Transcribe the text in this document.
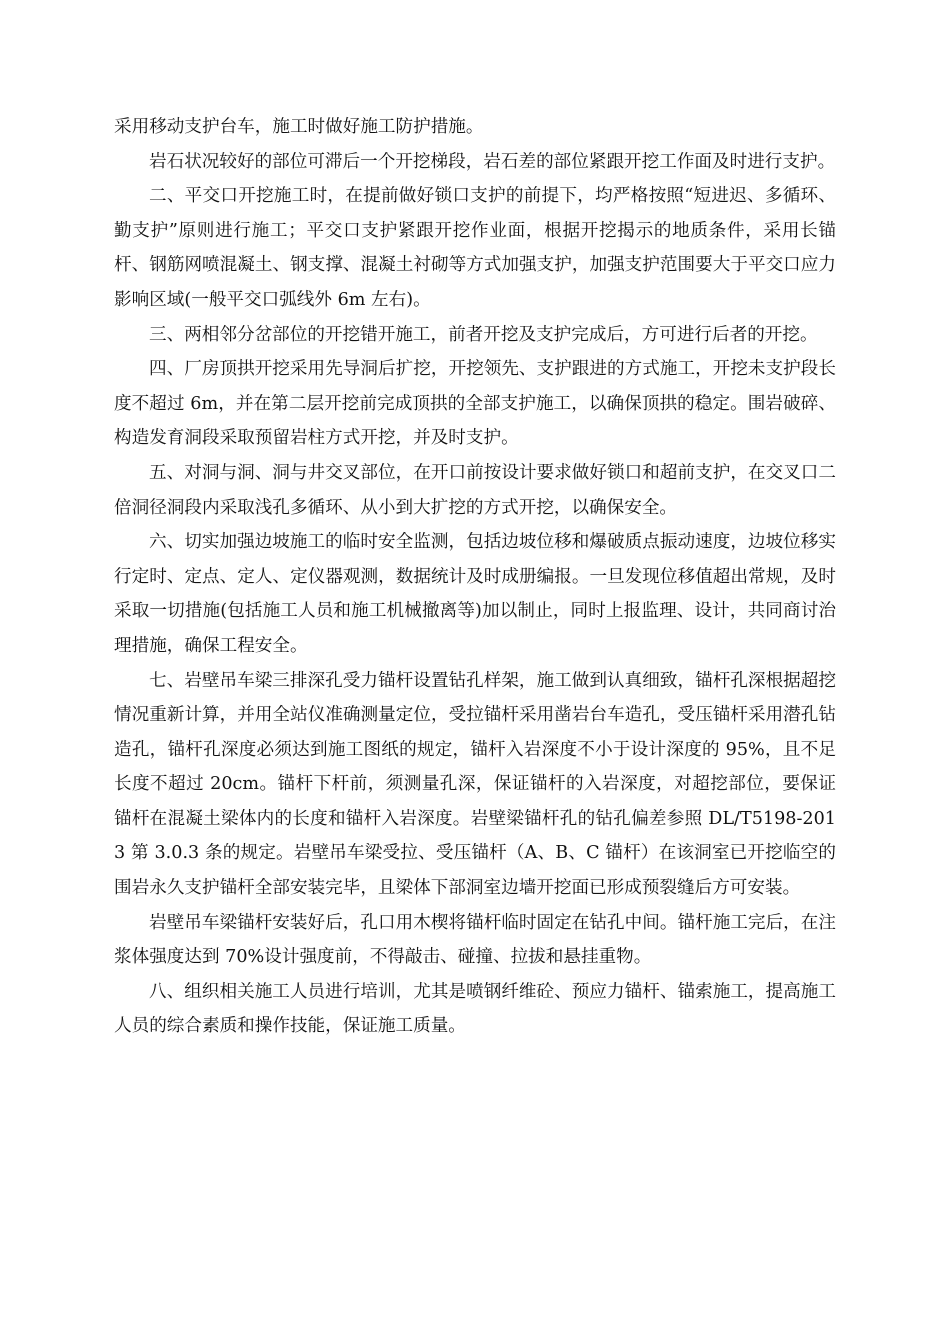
采用移动支护台车，施工时做好施工防护措施。

岩石状况较好的部位可滞后一个开挖梯段，岩石差的部位紧跟开挖工作面及时进行支护。

二、平交口开挖施工时，在提前做好锁口支护的前提下，均严格按照“短进迟、多循环、勤支护”原则进行施工；平交口支护紧跟开挖作业面，根据开挖揭示的地质条件，采用长锚杆、钢筋网喷混凝土、钢支撑、混凝土衬砌等方式加强支护，加强支护范围要大于平交口应力影响区域(一般平交口弧线外 6m 左右)。

三、两相邻分岔部位的开挖错开施工，前者开挖及支护完成后，方可进行后者的开挖。

四、厂房顶拱开挖采用先导洞后扩挖，开挖领先、支护跟进的方式施工，开挖未支护段长度不超过 6m，并在第二层开挖前完成顶拱的全部支护施工，以确保顶拱的稳定。围岩破碎、构造发育洞段采取预留岩柱方式开挖，并及时支护。

五、对洞与洞、洞与井交叉部位，在开口前按设计要求做好锁口和超前支护，在交叉口二倍洞径洞段内采取浅孔多循环、从小到大扩挖的方式开挖，以确保安全。

六、切实加强边坡施工的临时安全监测，包括边坡位移和爆破质点振动速度，边坡位移实行定时、定点、定人、定仪器观测，数据统计及时成册编报。一旦发现位移值超出常规，及时采取一切措施(包括施工人员和施工机械撤离等)加以制止，同时上报监理、设计，共同商讨治理措施，确保工程安全。

七、岩壁吊车梁三排深孔受力锚杆设置钻孔样架，施工做到认真细致，锚杆孔深根据超挖情况重新计算，并用全站仪准确测量定位，受拉锚杆采用凿岩台车造孔，受压锚杆采用潜孔钻造孔，锚杆孔深度必须达到施工图纸的规定，锚杆入岩深度不小于设计深度的 95%，且不足长度不超过 20cm。锚杆下杆前，须测量孔深，保证锚杆的入岩深度，对超挖部位，要保证锚杆在混凝土梁体内的长度和锚杆入岩深度。岩壁梁锚杆孔的钻孔偏差参照 DL/T5198-2013 第 3.0.3 条的规定。岩壁吊车梁受拉、受压锚杆（A、B、C 锚杆）在该洞室已开挖临空的围岩永久支护锚杆全部安装完毕，且梁体下部洞室边墙开挖面已形成预裂缝后方可安装。

岩壁吊车梁锚杆安装好后，孔口用木楔将锚杆临时固定在钻孔中间。锚杆施工完后，在注浆体强度达到 70%设计强度前，不得敲击、碰撞、拉拔和悬挂重物。

八、组织相关施工人员进行培训，尤其是喷钢纤维砼、预应力锚杆、锚索施工，提高施工人员的综合素质和操作技能，保证施工质量。
